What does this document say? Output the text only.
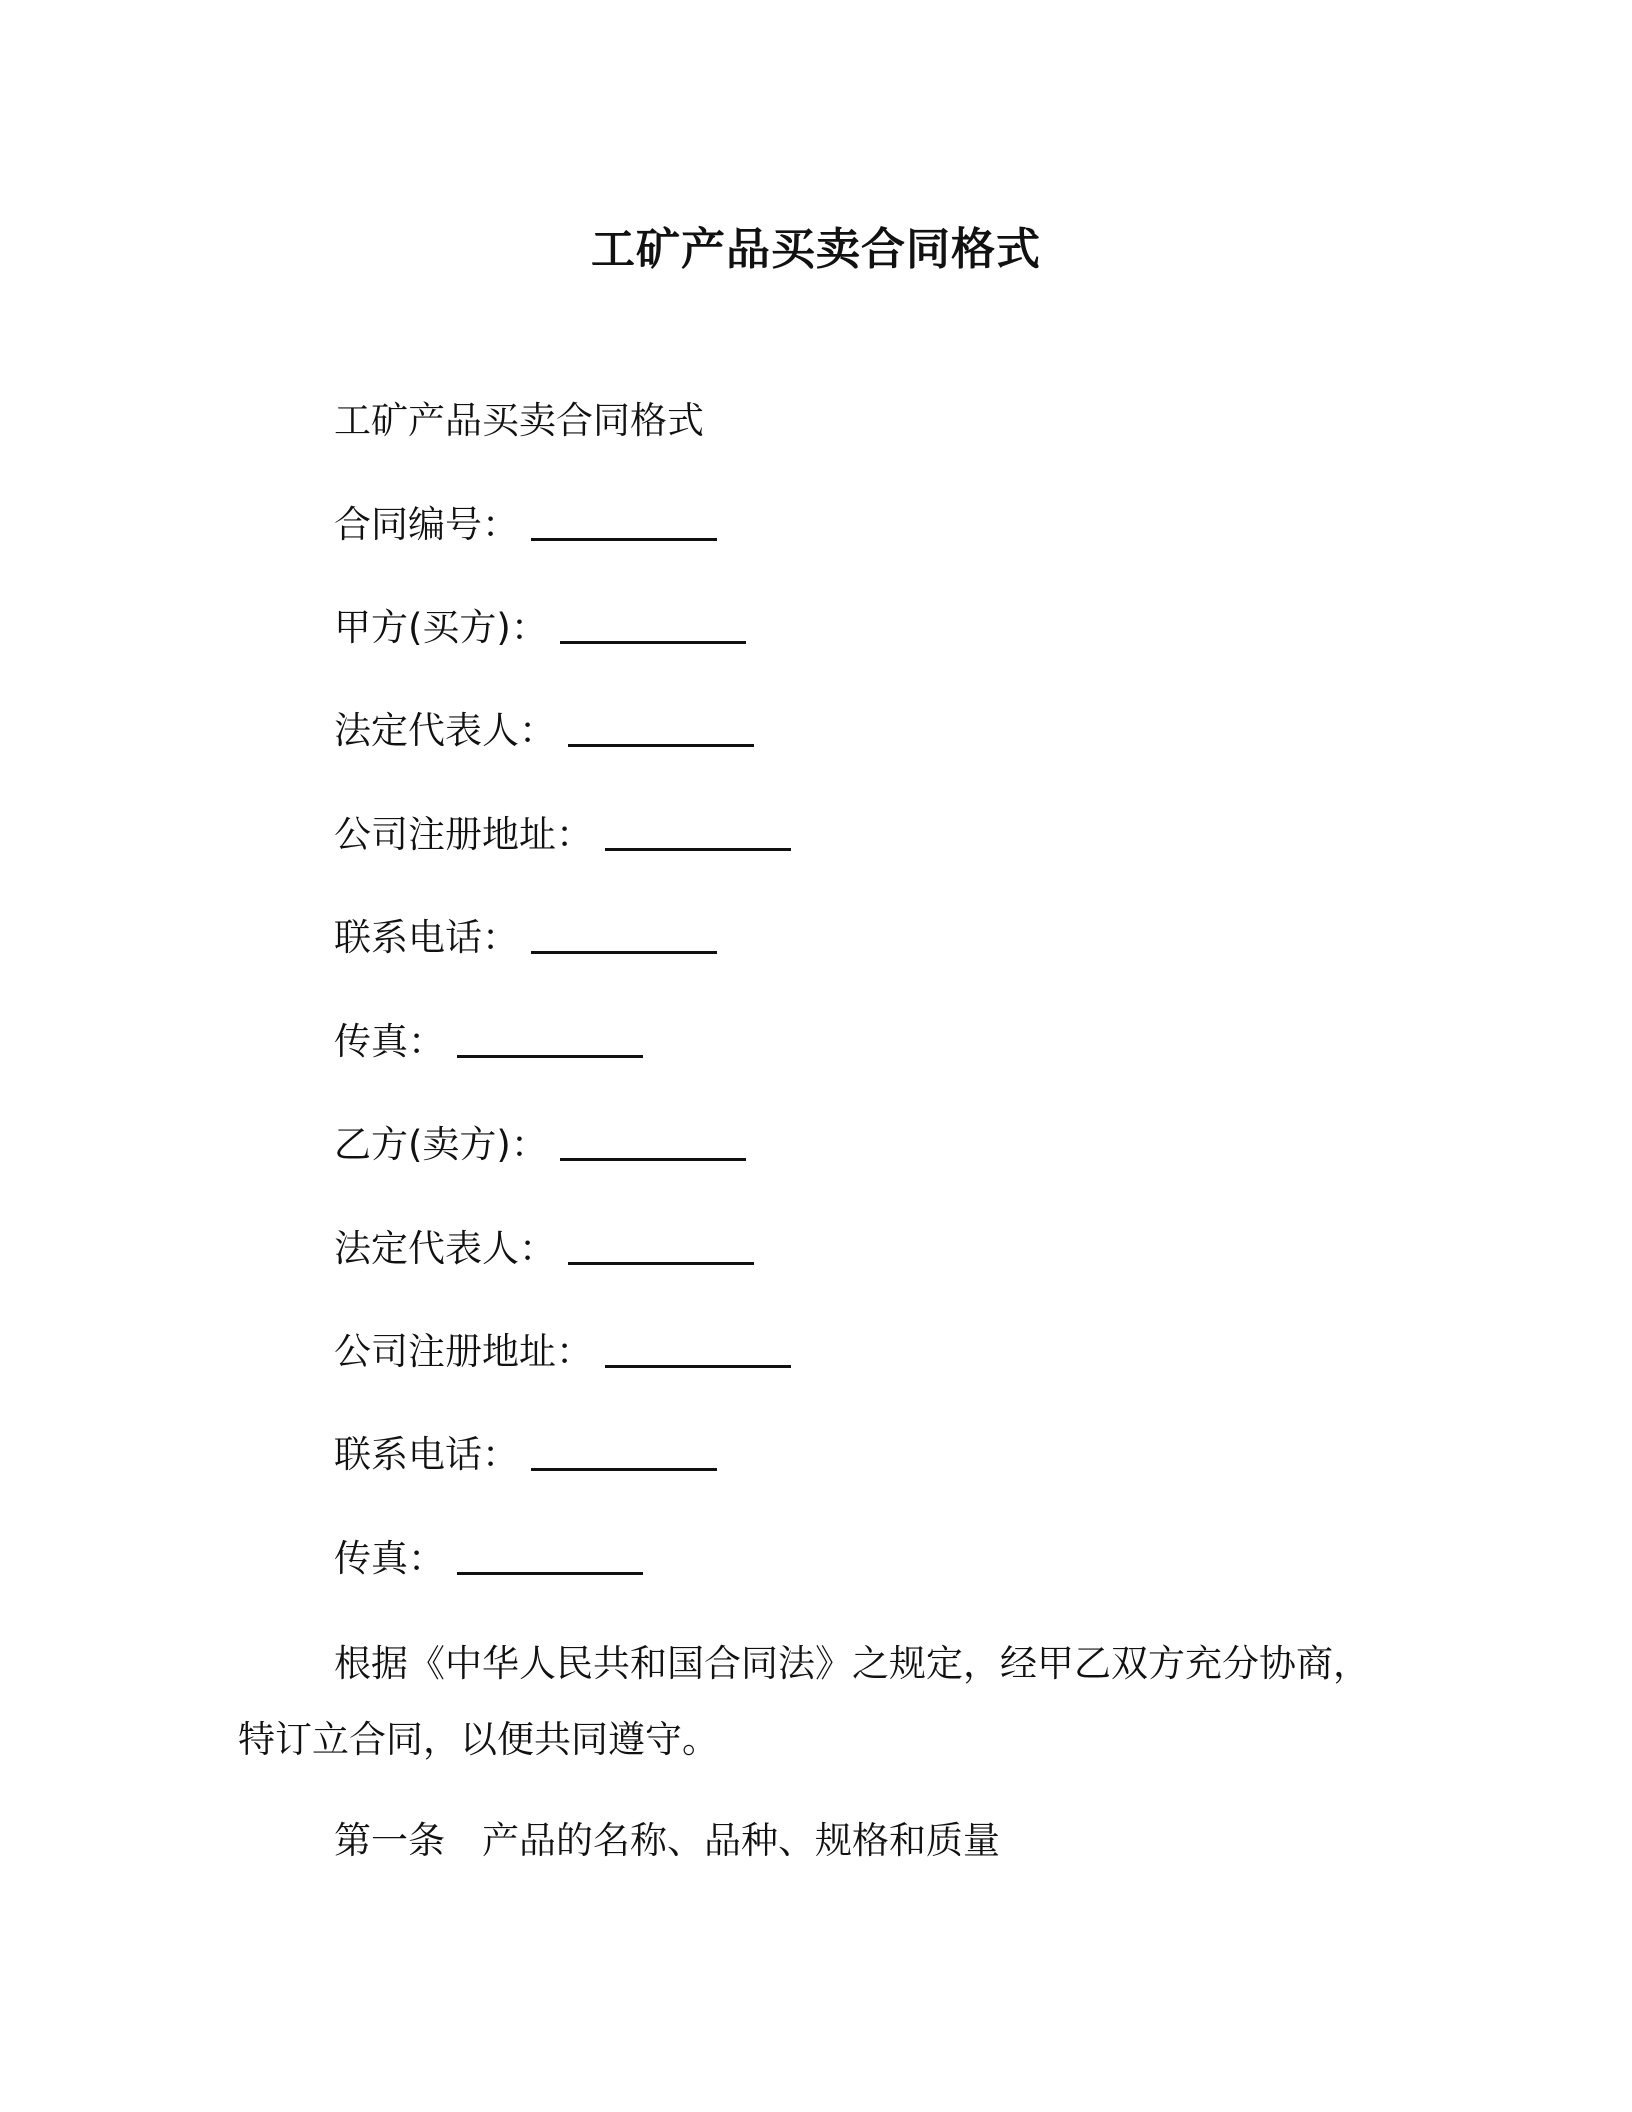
工矿产品买卖合同格式
工矿产品买卖合同格式
合同编号：
甲方(买方)：
法定代表人：
公司注册地址：
联系电话：
传真：
乙方(卖方)：
法定代表人：
公司注册地址：
联系电话：
传真：
根据《中华人民共和国合同法》之规定，经甲乙双方充分协商，特订立合同，以便共同遵守。
第一条　产品的名称、品种、规格和质量
